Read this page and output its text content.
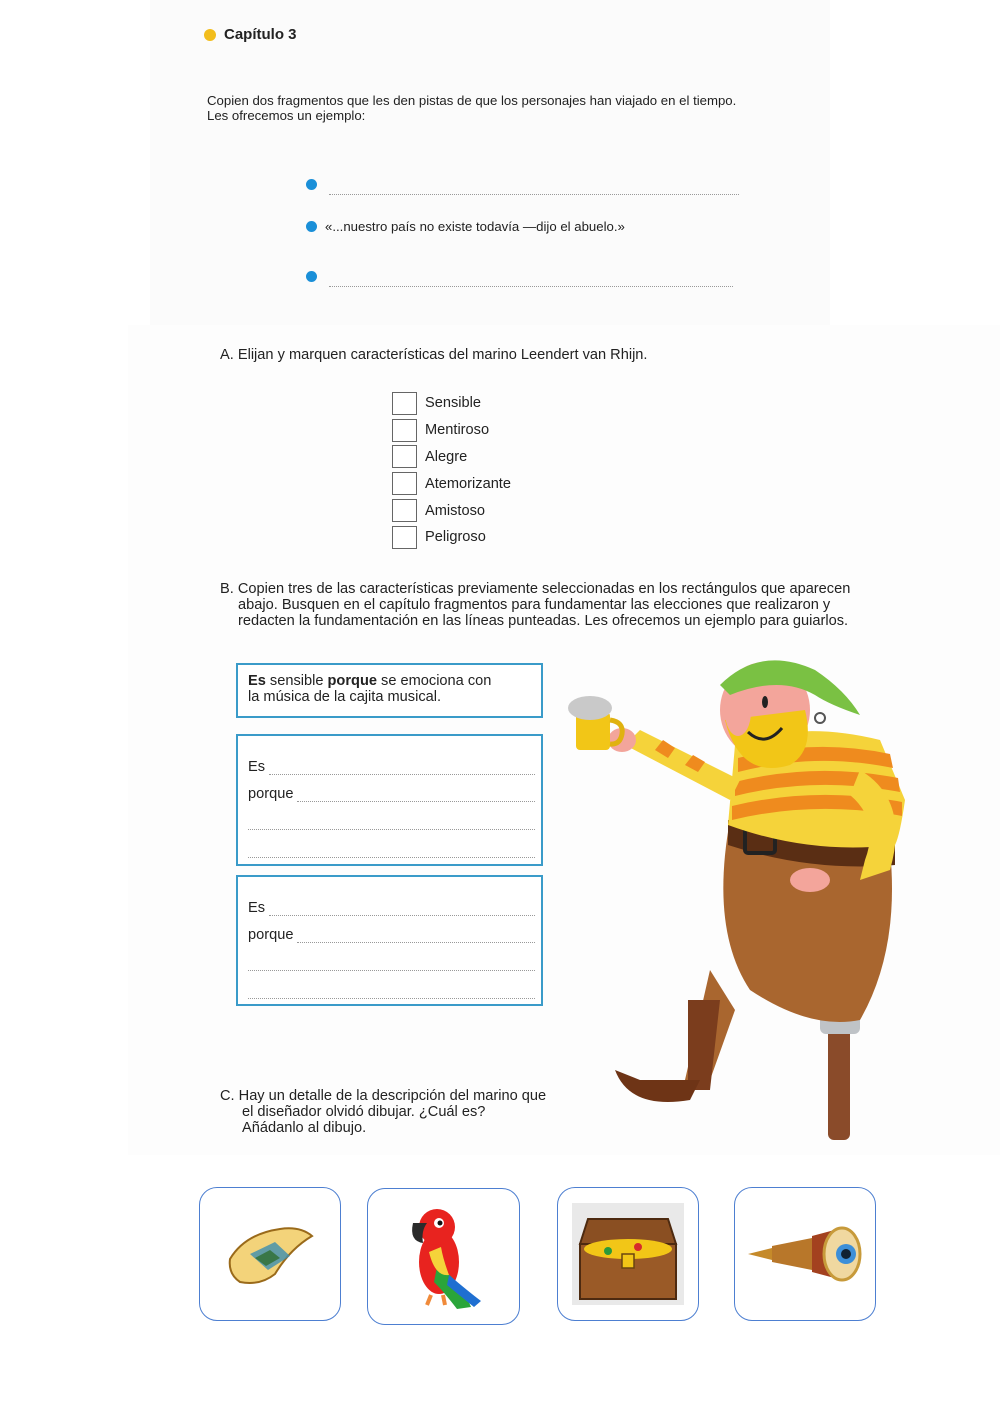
Capítulo 3
Copien dos fragmentos que les den pistas de que los personajes han viajado en el tiempo.
Les ofrecemos un ejemplo:
«...nuestro país no existe todavía —dijo el abuelo.»
A. Elijan y marquen características del marino Leendert van Rhijn.
Sensible
Mentiroso
Alegre
Atemorizante
Amistoso
Peligroso
B. Copien tres de las características previamente seleccionadas en los rectángulos que aparecen
abajo. Busquen en el capítulo fragmentos para fundamentar las elecciones que realizaron y
redacten la fundamentación en las líneas punteadas. Les ofrecemos un ejemplo para guiarlos.
Es sensible porque se emociona con
la música de la cajita musical.
Es
porque
Es
porque
C. Hay un detalle de la descripción del marino que
el diseñador olvidó dibujar. ¿Cuál es?
Añádanlo al dibujo.
